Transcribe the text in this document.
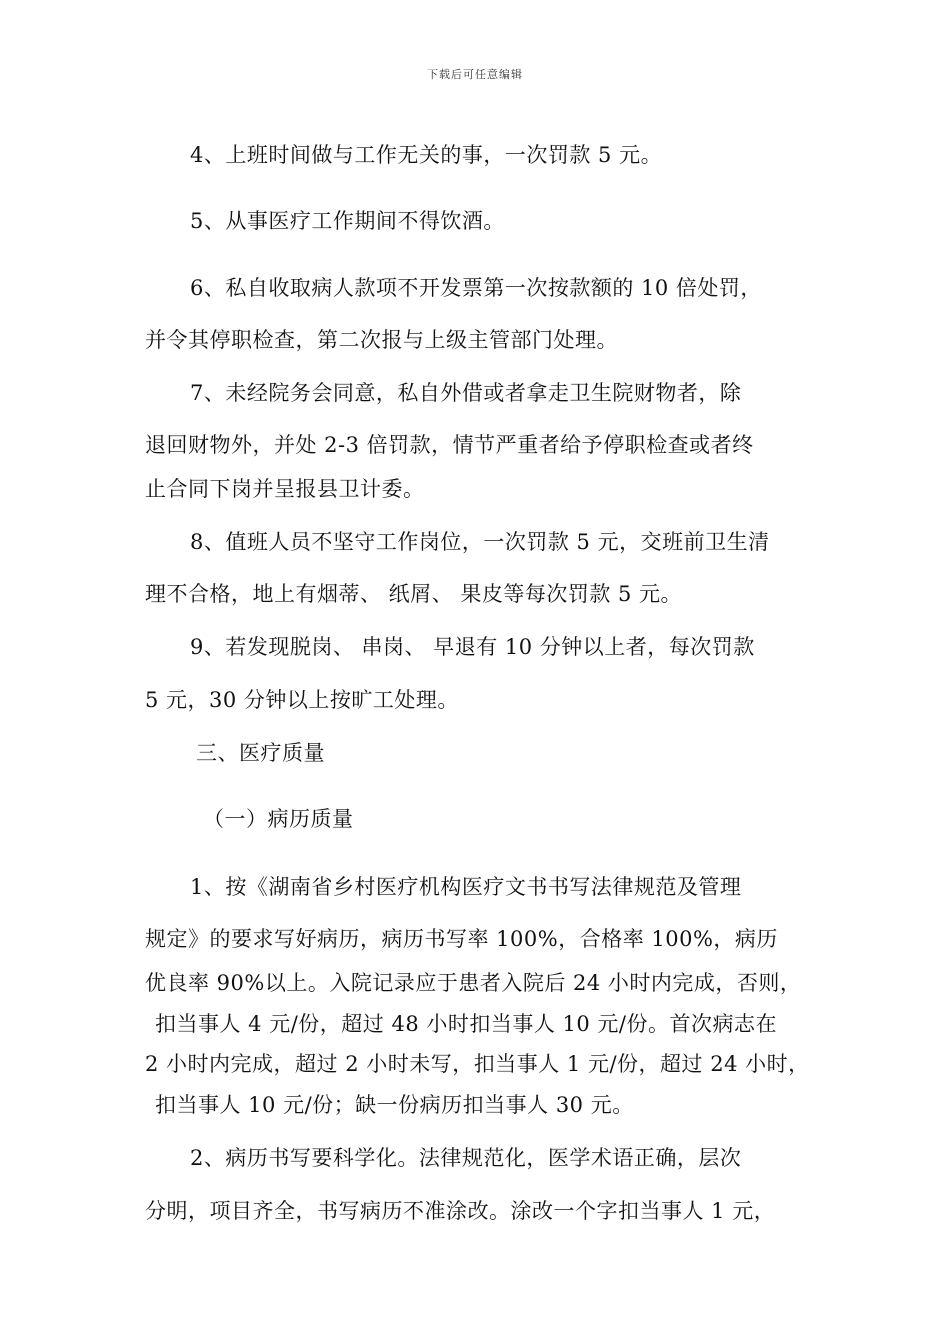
下载后可任意编辑
4、上班时间做与工作无关的事，一次罚款 5 元。
5、从事医疗工作期间不得饮酒。
6、私自收取病人款项不开发票第一次按款额的 10 倍处罚，
并令其停职检查，第二次报与上级主管部门处理。
7、未经院务会同意，私自外借或者拿走卫生院财物者，除
退回财物外，并处 2-3 倍罚款，情节严重者给予停职检查或者终
止合同下岗并呈报县卫计委。
8、值班人员不坚守工作岗位，一次罚款 5 元，交班前卫生清
理不合格，地上有烟蒂、 纸屑、 果皮等每次罚款 5 元。
9、若发现脱岗、 串岗、 早退有 10 分钟以上者，每次罚款
5 元，30 分钟以上按旷工处理。
三、医疗质量
（一）病历质量
1、按《湖南省乡村医疗机构医疗文书书写法律规范及管理
规定》的要求写好病历，病历书写率 100%，合格率 100%，病历
优良率 90%以上。入院记录应于患者入院后 24 小时内完成，否则，
扣当事人 4 元/份，超过 48 小时扣当事人 10 元/份。首次病志在
2 小时内完成，超过 2 小时未写，扣当事人 1 元/份，超过 24 小时，
扣当事人 10 元/份；缺一份病历扣当事人 30 元。
2、病历书写要科学化。法律规范化，医学术语正确，层次
分明，项目齐全，书写病历不准涂改。涂改一个字扣当事人 1 元，
